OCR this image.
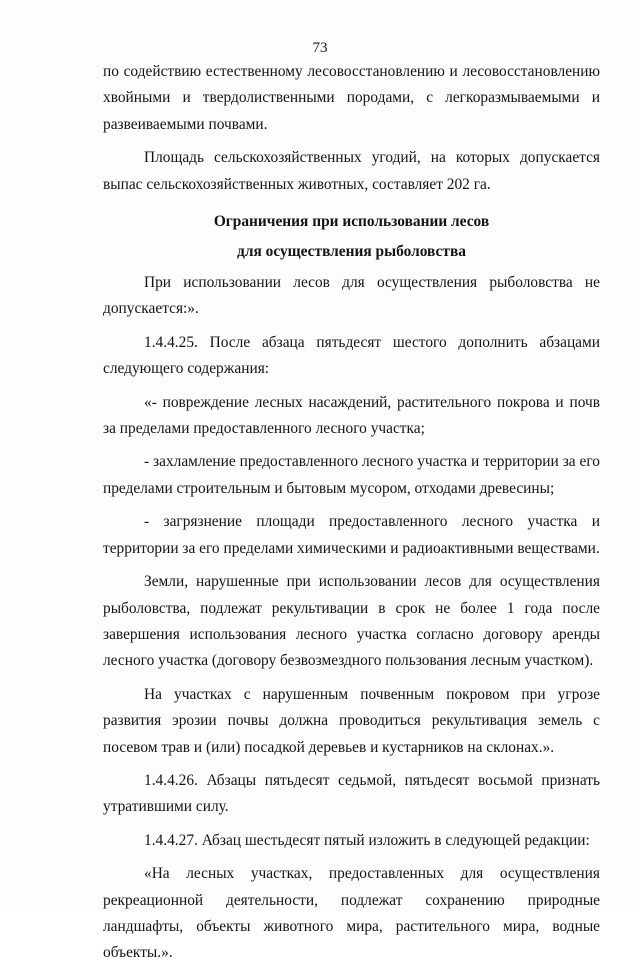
73

по содействию естественному лесовосстановлению и лесовосстановлению хвойными и твердолиственными породами, с легкоразмываемыми и развеиваемыми почвами.

Площадь сельскохозяйственных угодий, на которых допускается выпас сельскохозяйственных животных, составляет 202 га.

Ограничения при использовании лесов
для осуществления рыболовства

При использовании лесов для осуществления рыболовства не допускается:».

1.4.4.25. После абзаца пятьдесят шестого дополнить абзацами следующего содержания:

«- повреждение лесных насаждений, растительного покрова и почв за пределами предоставленного лесного участка;

- захламление предоставленного лесного участка и территории за его пределами строительным и бытовым мусором, отходами древесины;

- загрязнение площади предоставленного лесного участка и территории за его пределами химическими и радиоактивными веществами.

Земли, нарушенные при использовании лесов для осуществления рыболовства, подлежат рекультивации в срок не более 1 года после завершения использования лесного участка согласно договору аренды лесного участка (договору безвозмездного пользования лесным участком).

На участках с нарушенным почвенным покровом при угрозе развития эрозии почвы должна проводиться рекультивация земель с посевом трав и (или) посадкой деревьев и кустарников на склонах.».

1.4.4.26. Абзацы пятьдесят седьмой, пятьдесят восьмой признать утратившими силу.

1.4.4.27. Абзац шестьдесят пятый изложить в следующей редакции:

«На лесных участках, предоставленных для осуществления рекреационной деятельности, подлежат сохранению природные ландшафты, объекты животного мира, растительного мира, водные объекты.».
